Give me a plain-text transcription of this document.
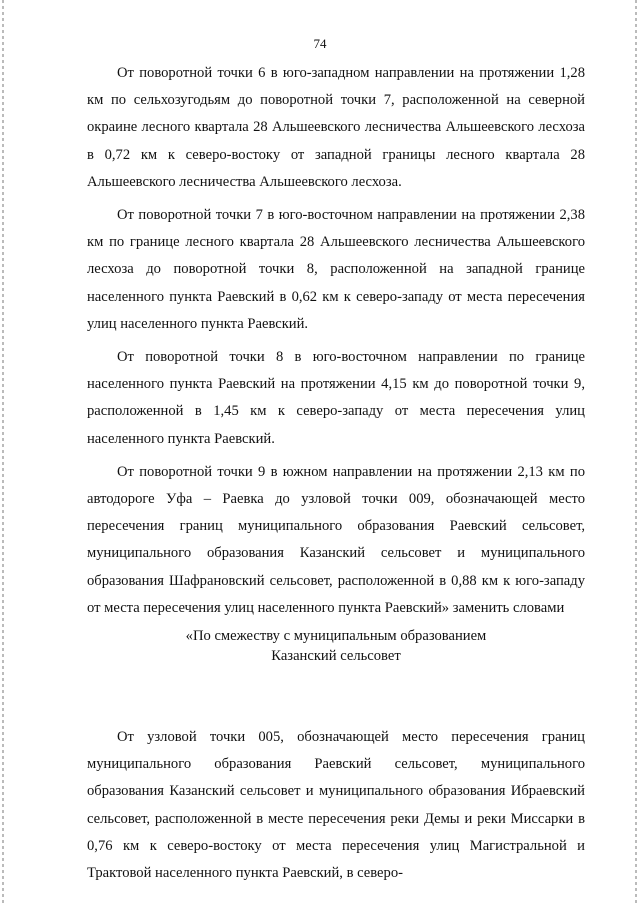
74

От поворотной точки 6 в юго-западном направлении на протяжении 1,28 км по сельхозугодьям до поворотной точки 7, расположенной на северной окраине лесного квартала 28 Альшеевского лесничества Альшеевского лесхоза в 0,72 км к северо-востоку от западной границы лесного квартала 28 Альшеевского лесничества Альшеевского лесхоза.

От поворотной точки 7 в юго-восточном направлении на протяжении 2,38 км по границе лесного квартала 28 Альшеевского лесничества Альшеевского лесхоза до поворотной точки 8, расположенной на западной границе населенного пункта Раевский в 0,62 км к северо-западу от места пересечения улиц населенного пункта Раевский.

От поворотной точки 8 в юго-восточном направлении по границе населенного пункта Раевский на протяжении 4,15 км до поворотной точки 9, расположенной в 1,45 км к северо-западу от места пересечения улиц населенного пункта Раевский.

От поворотной точки 9 в южном направлении на протяжении 2,13 км по автодороге Уфа – Раевка до узловой точки 009, обозначающей место пересечения границ муниципального образования Раевский сельсовет, муниципального образования Казанский сельсовет и муниципального образования Шафрановский сельсовет, расположенной в 0,88 км к юго-западу от места пересечения улиц населенного пункта Раевский» заменить словами

«По смежеству с муниципальным образованием
Казанский сельсовет

От узловой точки 005, обозначающей место пересечения границ муниципального образования Раевский сельсовет, муниципального образования Казанский сельсовет и муниципального образования Ибраевский сельсовет, расположенной в месте пересечения реки Демы и реки Миссарки в 0,76 км к северо-востоку от места пересечения улиц Магистральной и Трактовой населенного пункта Раевский, в северо-
